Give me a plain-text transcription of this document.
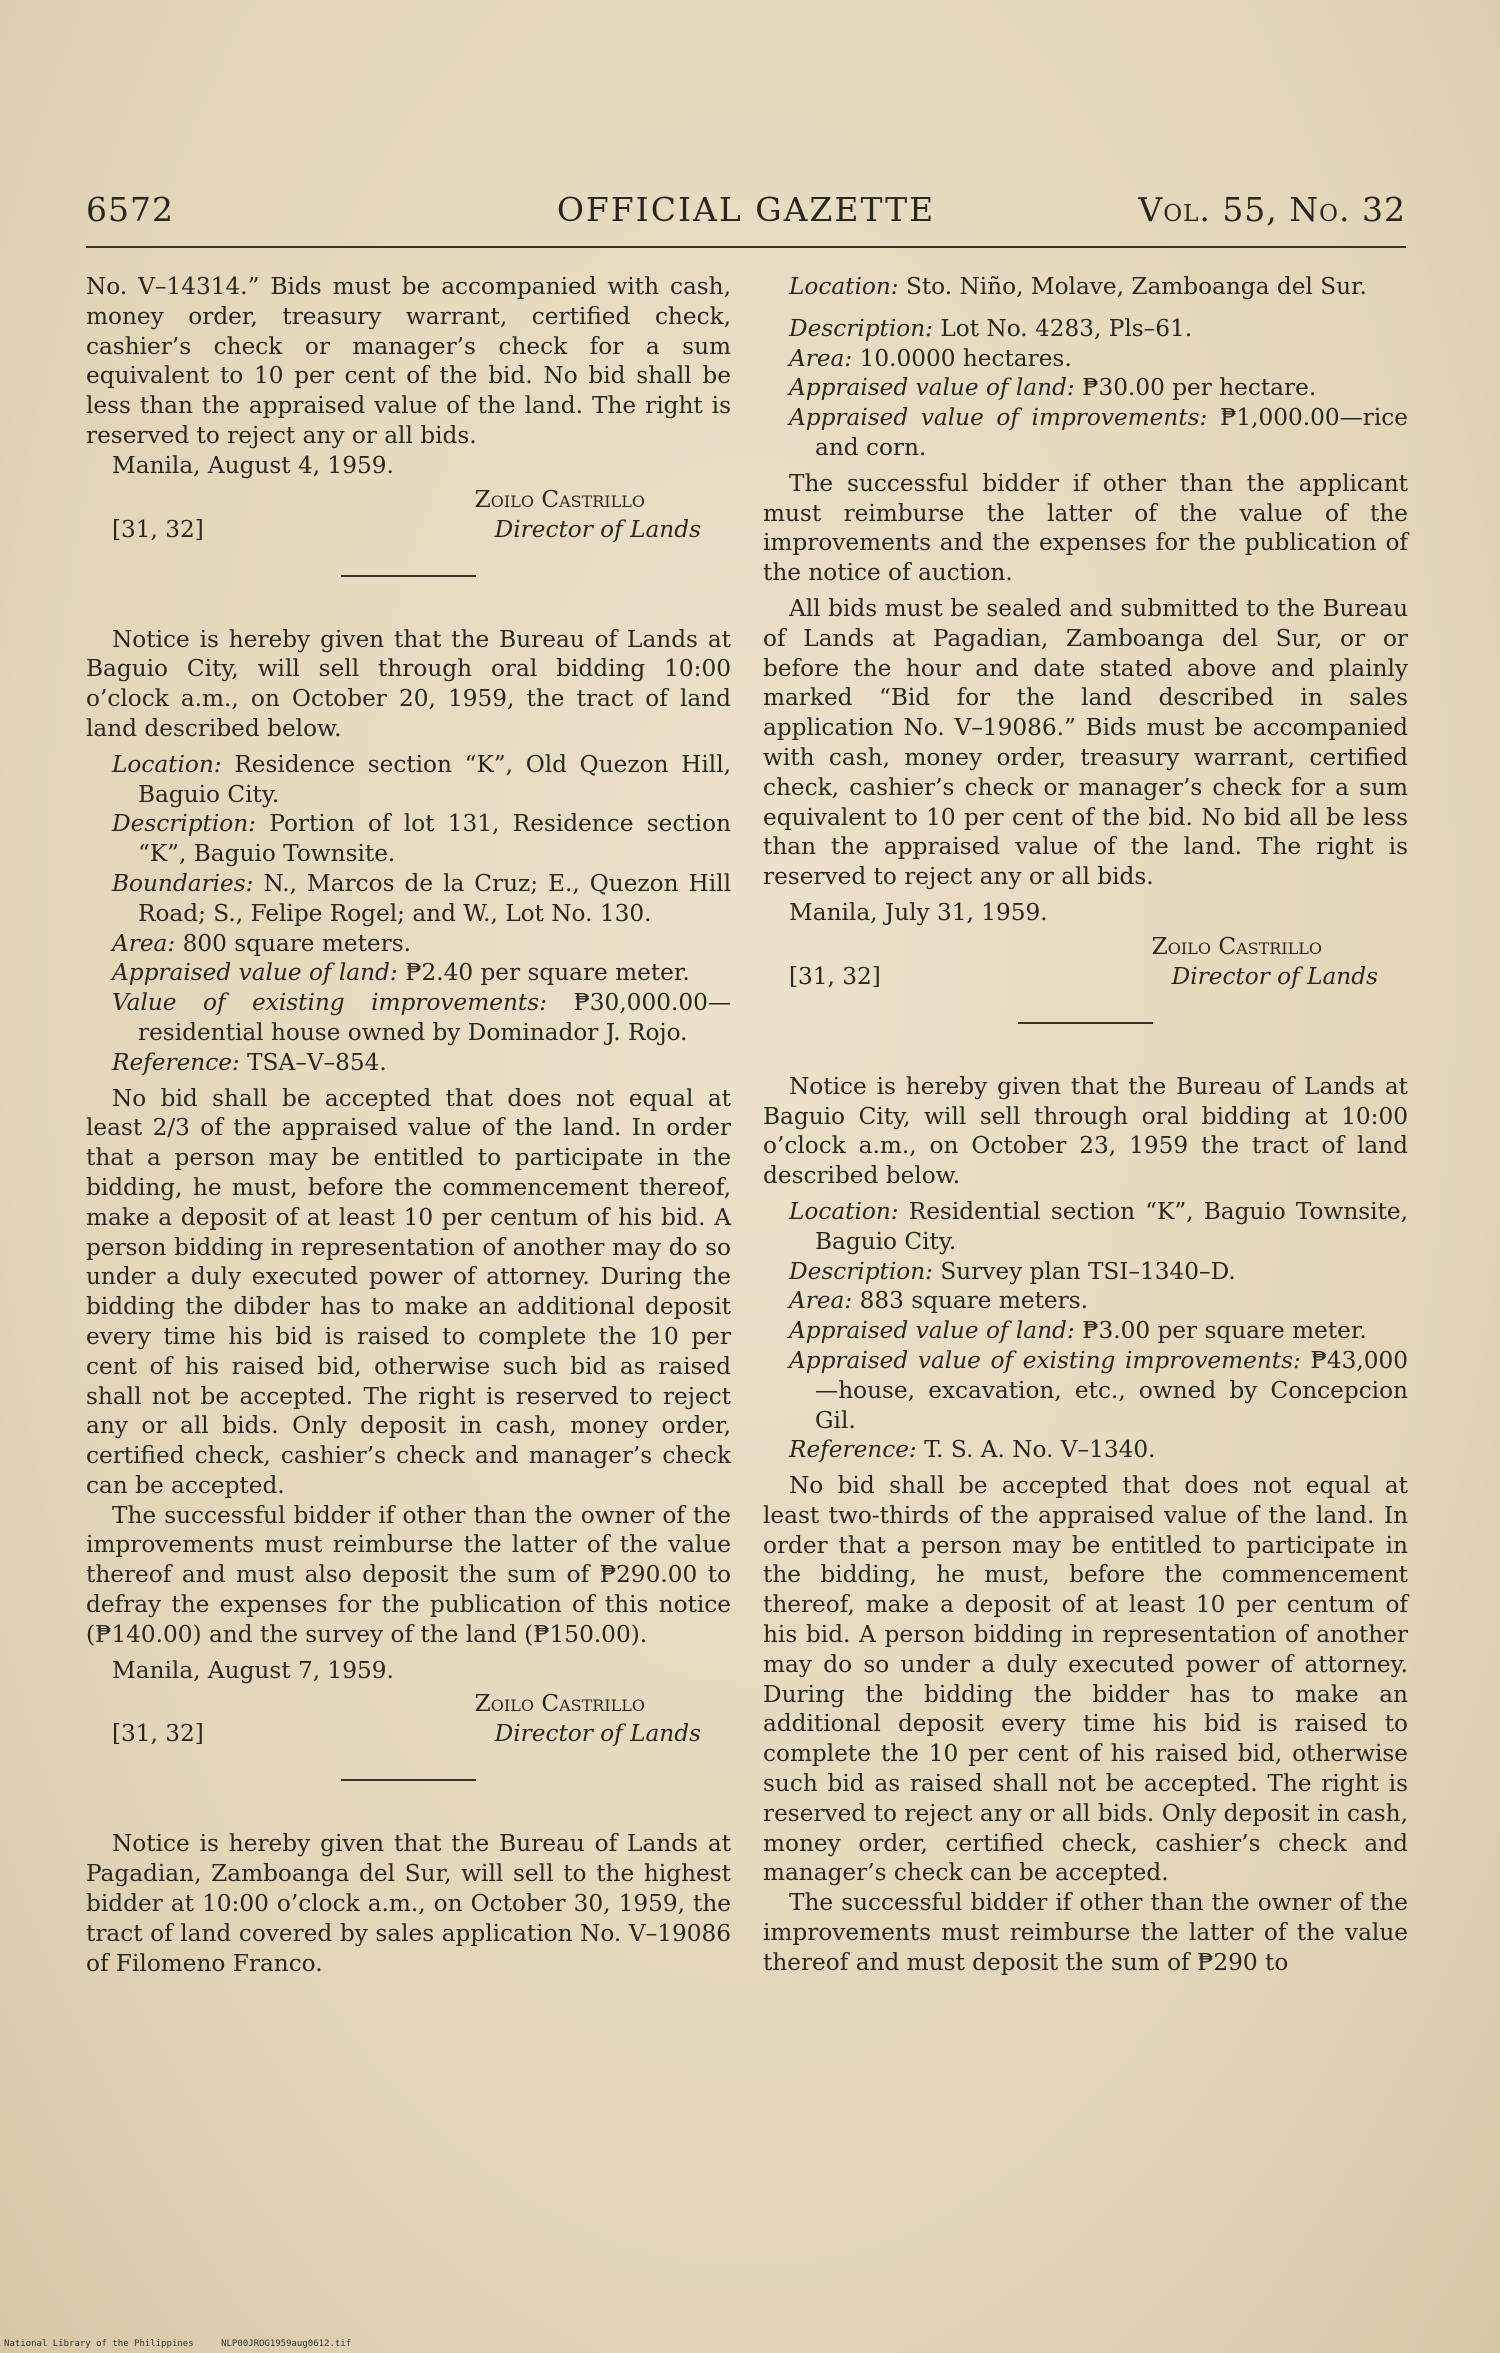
6572	OFFICIAL GAZETTE	Vol. 55, No. 32

No. V–14314.” Bids must be accompanied with cash, money order, treasury warrant, certified check, cashier’s check or manager’s check for a sum equivalent to 10 per cent of the bid. No bid shall be less than the appraised value of the land. The right is reserved to reject any or all bids.

Manila, August 4, 1959.

Zoilo Castrillo
[31, 32]	Director of Lands

Notice is hereby given that the Bureau of Lands at Baguio City, will sell through oral bidding 10:00 o’clock a.m., on October 20, 1959, the tract of land land described below.

Location: Residence section “K”, Old Quezon Hill, Baguio City.

Description: Portion of lot 131, Residence section “K”, Baguio Townsite.

Boundaries: N., Marcos de la Cruz; E., Quezon Hill Road; S., Felipe Rogel; and W., Lot No. 130.

Area: 800 square meters.

Appraised value of land: ₱2.40 per square meter.

Value of existing improvements: ₱30,000.00—residential house owned by Dominador J. Rojo.

Reference: TSA–V–854.

No bid shall be accepted that does not equal at least 2/3 of the appraised value of the land. In order that a person may be entitled to participate in the bidding, he must, before the commencement thereof, make a deposit of at least 10 per centum of his bid. A person bidding in representation of another may do so under a duly executed power of attorney. During the bidding the dibder has to make an additional deposit every time his bid is raised to complete the 10 per cent of his raised bid, otherwise such bid as raised shall not be accepted. The right is reserved to reject any or all bids. Only deposit in cash, money order, certified check, cashier’s check and manager’s check can be accepted.

The successful bidder if other than the owner of the improvements must reimburse the latter of the value thereof and must also deposit the sum of ₱290.00 to defray the expenses for the publication of this notice (₱140.00) and the survey of the land (₱150.00).

Manila, August 7, 1959.

Zoilo Castrillo
[31, 32]	Director of Lands

Notice is hereby given that the Bureau of Lands at Pagadian, Zamboanga del Sur, will sell to the highest bidder at 10:00 o’clock a.m., on October 30, 1959, the tract of land covered by sales application No. V–19086 of Filomeno Franco.

Location: Sto. Niño, Molave, Zamboanga del Sur.

Description: Lot No. 4283, Pls–61.

Area: 10.0000 hectares.

Appraised value of land: ₱30.00 per hectare.

Appraised value of improvements: ₱1,000.00—rice and corn.

The successful bidder if other than the applicant must reimburse the latter of the value of the improvements and the expenses for the publication of the notice of auction.

All bids must be sealed and submitted to the Bureau of Lands at Pagadian, Zamboanga del Sur, or or before the hour and date stated above and plainly marked “Bid for the land described in sales application No. V–19086.” Bids must be accompanied with cash, money order, treasury warrant, certified check, cashier’s check or manager’s check for a sum equivalent to 10 per cent of the bid. No bid all be less than the appraised value of the land. The right is reserved to reject any or all bids.

Manila, July 31, 1959.

Zoilo Castrillo
[31, 32]	Director of Lands

Notice is hereby given that the Bureau of Lands at Baguio City, will sell through oral bidding at 10:00 o’clock a.m., on October 23, 1959 the tract of land described below.

Location: Residential section “K”, Baguio Townsite, Baguio City.

Description: Survey plan TSI–1340–D.

Area: 883 square meters.

Appraised value of land: ₱3.00 per square meter.

Appraised value of existing improvements: ₱43,000—house, excavation, etc., owned by Concepcion Gil.

Reference: T. S. A. No. V–1340.

No bid shall be accepted that does not equal at least two-thirds of the appraised value of the land. In order that a person may be entitled to participate in the bidding, he must, before the commencement thereof, make a deposit of at least 10 per centum of his bid. A person bidding in representation of another may do so under a duly executed power of attorney. During the bidding the bidder has to make an additional deposit every time his bid is raised to complete the 10 per cent of his raised bid, otherwise such bid as raised shall not be accepted. The right is reserved to reject any or all bids. Only deposit in cash, money order, certified check, cashier’s check and manager’s check can be accepted.

The successful bidder if other than the owner of the improvements must reimburse the latter of the value thereof and must deposit the sum of ₱290 to

National Library of the Philippines	NLP00JROG1959aug0612.tif
